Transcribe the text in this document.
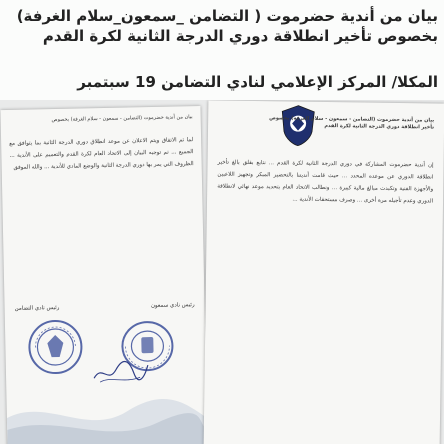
بيان من أندية حضرموت ( التضامن _سمعون_سلام الغرفة) بخصوص تأخير انطلاقة دوري الدرجة الثانية لكرة القدم

المكلا/ المركز الإعلامي لنادي التضامن 19 سبتمبر

بيان من أندية حضرموت (التضامن - سمعون - سلام الغرفة) بخصوص

لما تم الاتفاق ويتم الاعلان عن موعد انطلاق دوري الدرجة الثانية بما يتوافق مع الجميع ... تم توجيه البيان إلى الاتحاد العام لكرة القدم والتعميم على الأندية ... الظروف التي يمر بها دوري الدرجة الثانية والوضع المادي للأندية ... والله الموفق

رئيس نادي سمعون
رئيس نادي التضامن

بيان من أندية حضرموت (التضامن - سمعون - سلام الغرفة) بخصوص تأخير انطلاقة دوري الدرجة الثانية لكرة القدم

إن أندية حضرموت المشاركة في دوري الدرجة الثانية لكرة القدم ... نتابع بقلق بالغ تأخير انطلاقة الدوري عن موعده المحدد ... حيث قامت أنديتنا بالتحضير المبكر وتجهيز اللاعبين والأجهزة الفنية وتكبدت مبالغ مالية كبيرة ... ونطالب الاتحاد العام بتحديد موعد نهائي لانطلاقة الدوري وعدم تأجيله مرة أخرى ... وصرف مستحقات الأندية ...
